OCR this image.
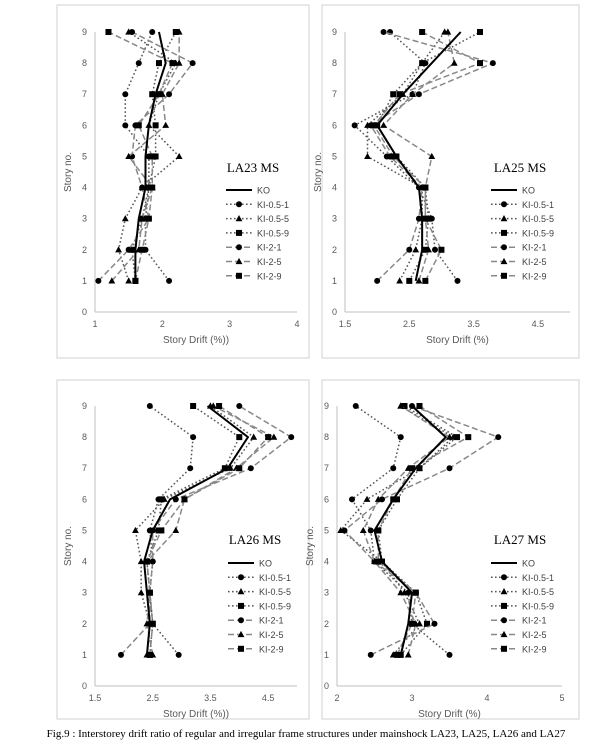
0
1
2
3
4
5
6
7
8
9
1	2	3	4
Story Drift (%))
Story no.	LA23 MS
KO
KI-0.5-1
KI-0.5-5
KI-0.5-9
KI-2-1
KI-2-5
KI-2-9
0
1
2
3
4
5
6
7
8
9
1.5	2.5	3.5	4.5
Story Drift (%)
Story no.	LA25 MS
KO
KI-0.5-1
KI-0.5-5
KI-0.5-9
KI-2-1
KI-2-5
KI-2-9
0
1
2
3
4
5
6
7
8
9
1.5	2.5	3.5	4.5
Story Drift (%))
Story no.	LA26 MS
KO
KI-0.5-1
KI-0.5-5
KI-0.5-9
KI-2-1
KI-2-5
KI-2-9
0
1
2
3
4
5
6
7
8
9
2	3	4	5
Story Drift (%)
Story no.	LA27 MS
KO
KI-0.5-1
KI-0.5-5
KI-0.5-9
KI-2-1
KI-2-5
KI-2-9
Fig.9 : Interstorey drift ratio of regular and irregular frame structures under mainshock LA23, LA25, LA26 and LA27
